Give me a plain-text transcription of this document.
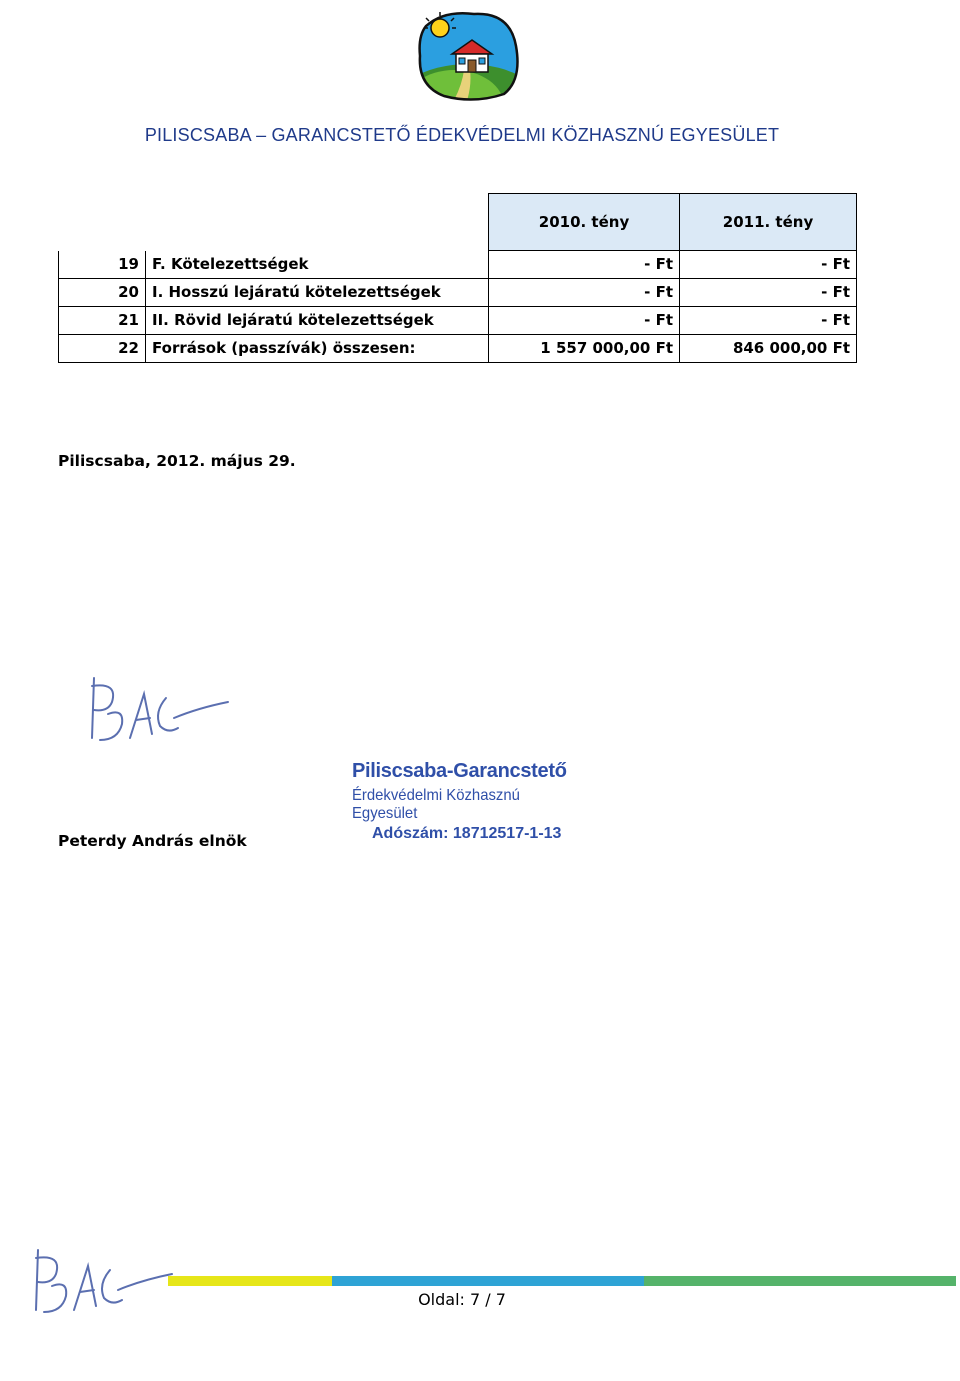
PILISCSABA – GARANCSTETŐ ÉDEKVÉDELMI KÖZHASZNÚ EGYESÜLET
		2010. tény	2011. tény
19	F. Kötelezettségek	- Ft	- Ft
20	I. Hosszú lejáratú kötelezettségek	- Ft	- Ft
21	II. Rövid lejáratú kötelezettségek	- Ft	- Ft
22	Források (passzívák) összesen:	1 557 000,00 Ft	846 000,00 Ft
Piliscsaba, 2012. május 29.
Piliscsaba-Garancstető
Érdekvédelmi Közhasznú Egyesület
Adószám: 18712517-1-13
Peterdy András elnök
Oldal: 7 / 7
